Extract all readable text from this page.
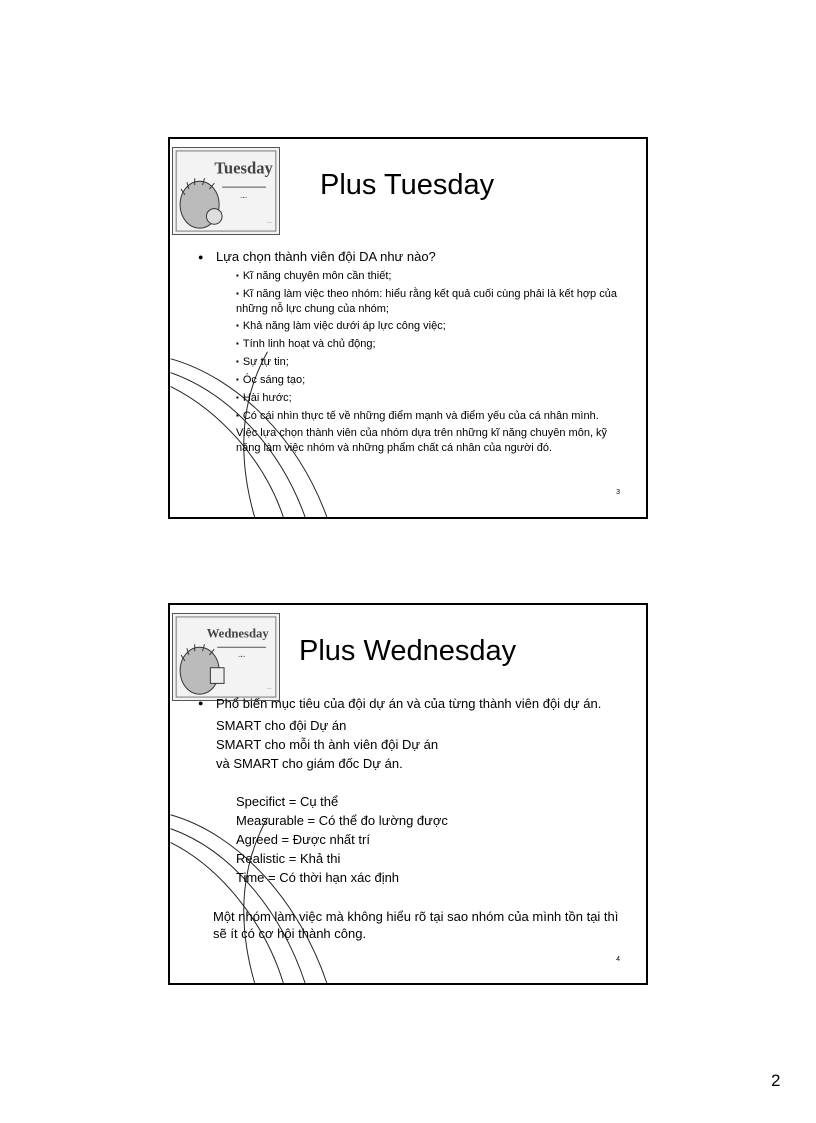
Tuesday
~•~
~~
Plus Tuesday
● Lựa chọn thành viên đội DA như nào?
▪ Kĩ năng chuyên môn cần thiết;
▪ Kĩ năng làm việc theo nhóm: hiểu rằng kết quả cuối cùng phải là kết hợp của những nỗ lực chung của nhóm;
▪ Khả năng làm việc dưới áp lực công việc;
▪ Tính linh hoạt và chủ động;
▪ Sự tự tin;
▪ Óc sáng tạo;
▪ Hài hước;
▪ Có cái nhìn thực tế về những điểm mạnh và điểm yếu của cá nhân mình.
Việc lựa chọn thành viên của nhóm dựa trên những kĩ năng chuyên môn, kỹ năng làm việc nhóm và những phẩm chất cá nhân của người đó.
3
Wednesday
~•~
~~
Plus Wednesday
● Phổ biến mục tiêu của đội dự án và của từng thành viên đội dự án.
SMART cho đội Dự án
SMART cho mỗi th ành viên đội Dự án
và SMART cho giám đốc Dự án.
Specifict = Cụ thể
Measurable = Có thể đo lường được
Agreed = Được nhất trí
Realistic = Khả thi
Time = Có thời hạn xác định
Một nhóm làm việc mà không hiểu rõ tại sao nhóm của mình tồn tại thì sẽ ít có cơ hội thành công.
4
2
